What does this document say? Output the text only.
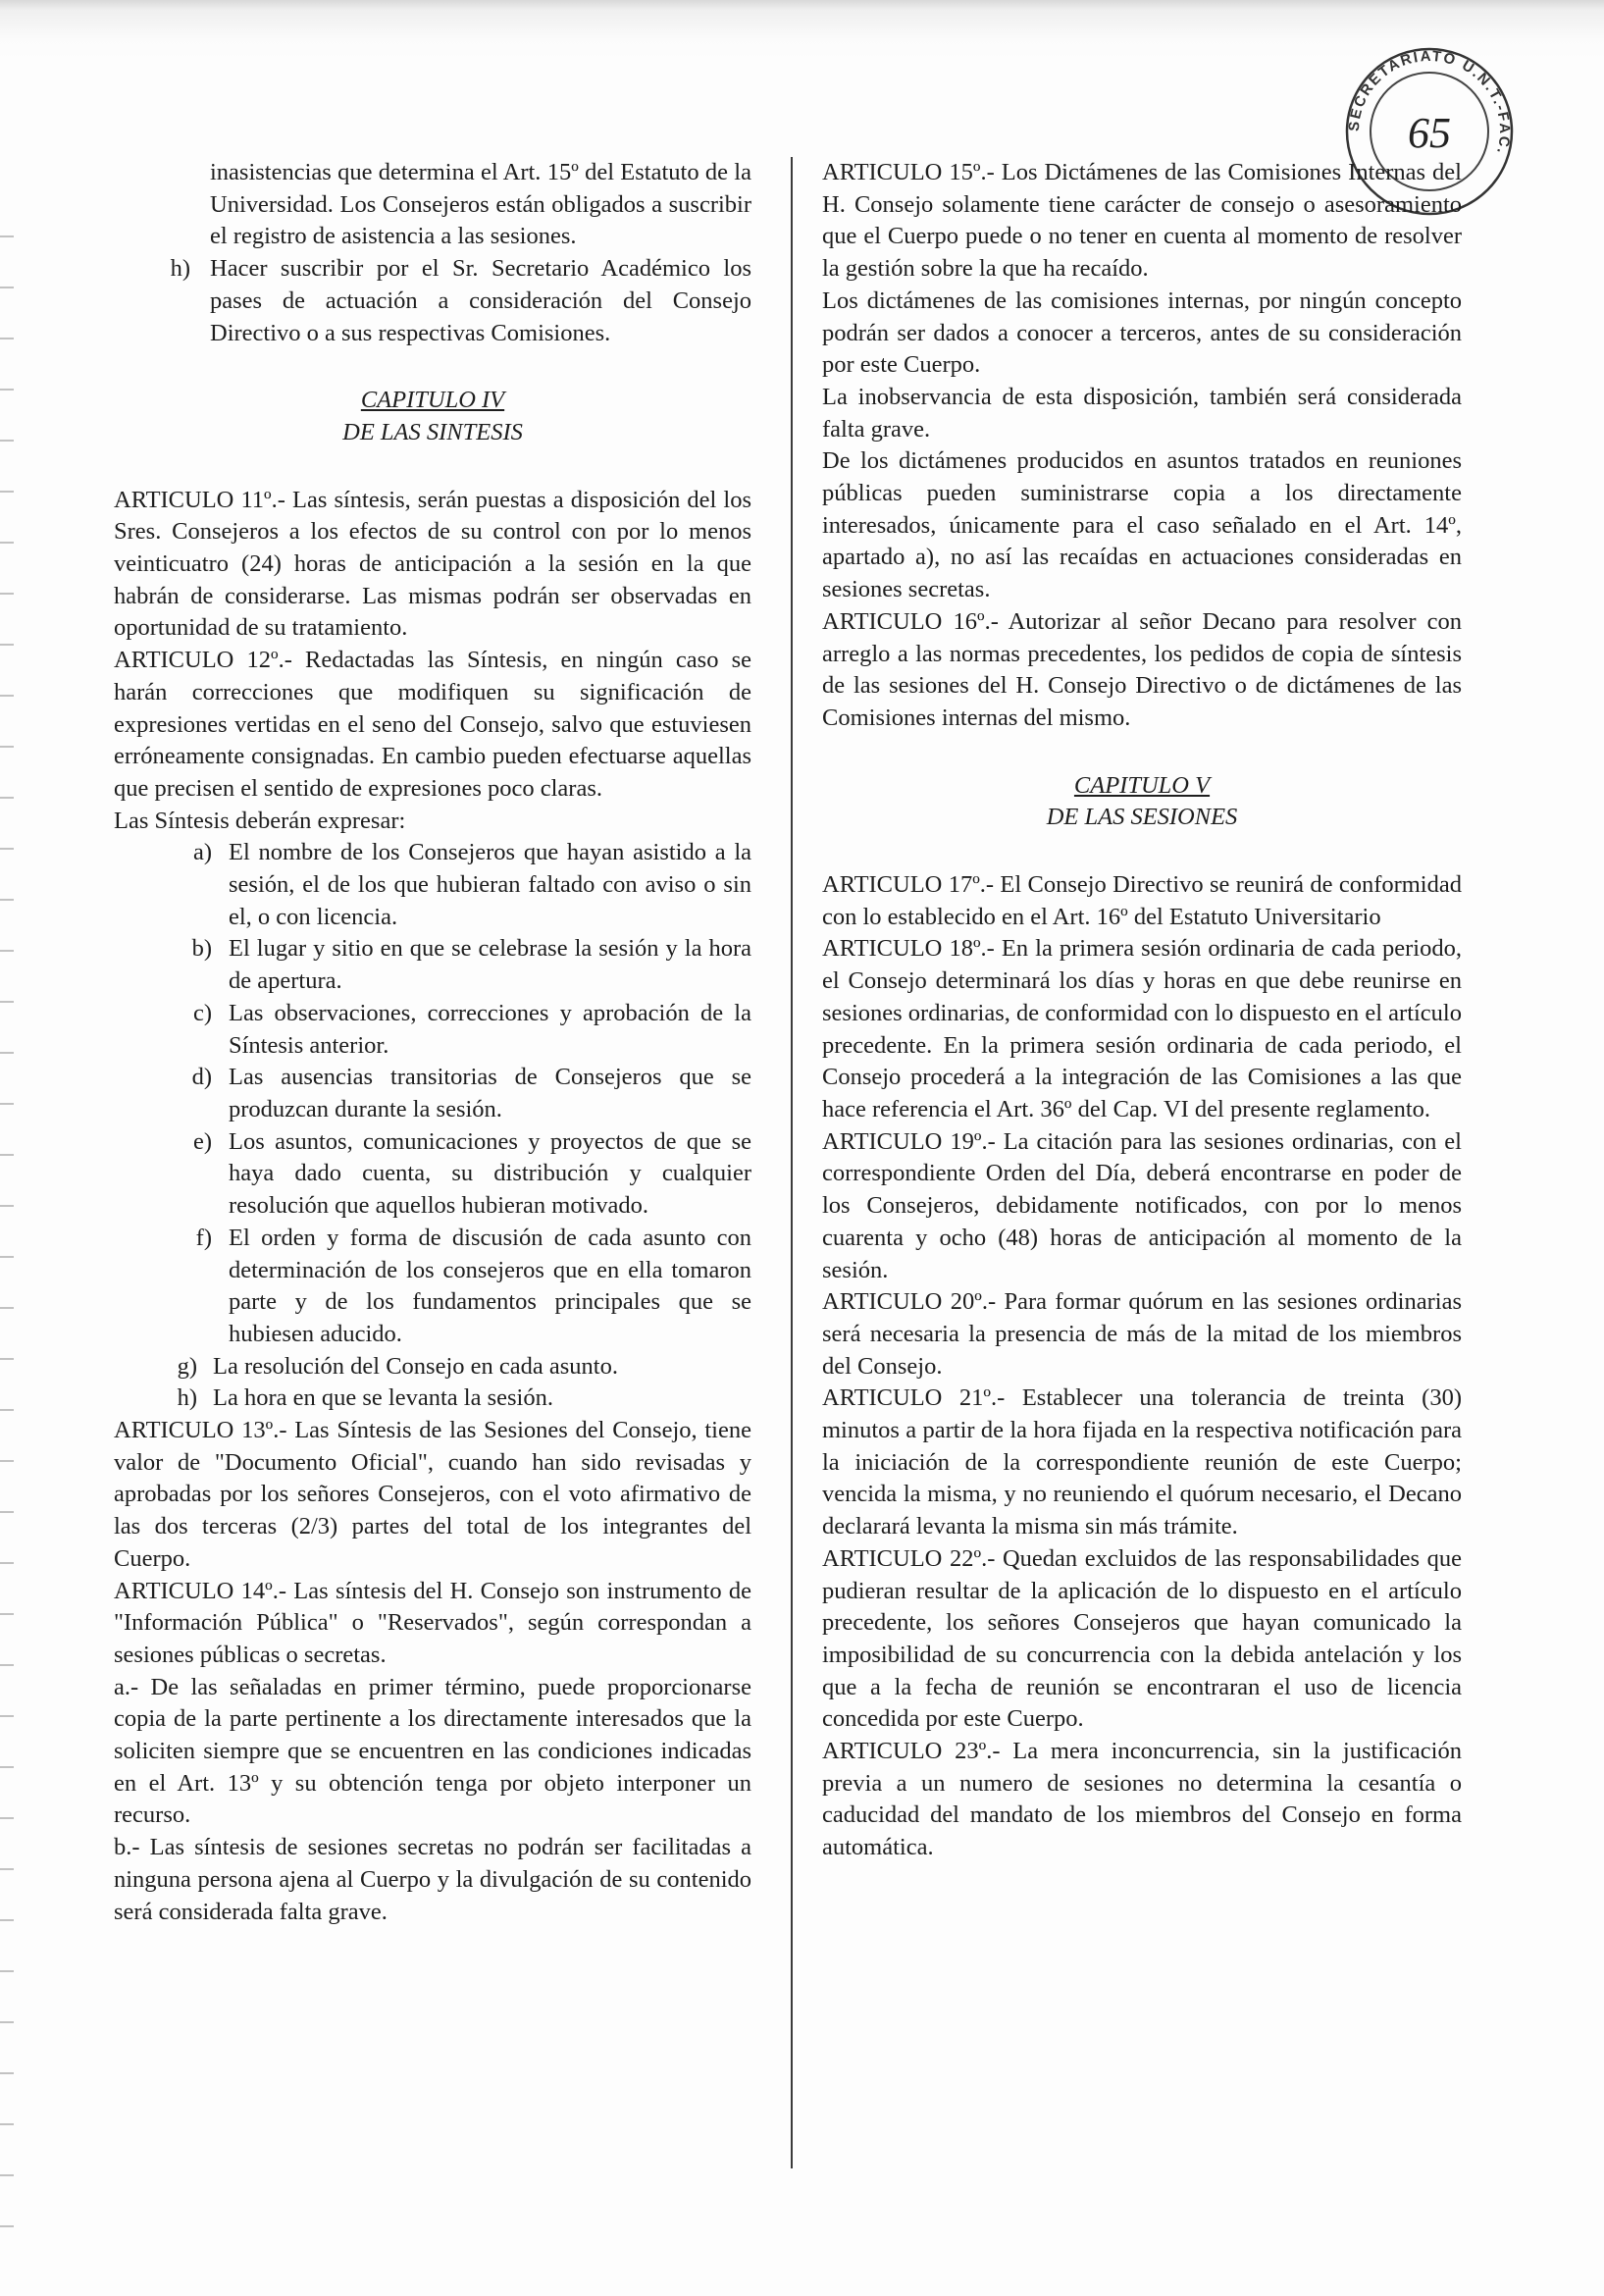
SECRETARIATO U.N.T.-FAC.
65
inasistencias que determina el Art. 15º del Estatuto de la Universidad. Los Consejeros están obligados a suscribir el registro de asistencia a las sesiones.
h) Hacer suscribir por el Sr. Secretario Académico los pases de actuación a consideración del Consejo Directivo o a sus respectivas Comisiones.

CAPITULO IV

DE LAS SINTESIS

ARTICULO 11º.- Las síntesis, serán puestas a disposición del los Sres. Consejeros a los efectos de su control con por lo menos veinticuatro (24) horas de anticipación a la sesión en la que habrán de considerarse. Las mismas podrán ser observadas en oportunidad de su tratamiento.

ARTICULO 12º.- Redactadas las Síntesis, en ningún caso se harán correcciones que modifiquen su significación de expresiones vertidas en el seno del Consejo, salvo que estuviesen erróneamente consignadas. En cambio pueden efectuarse aquellas que precisen el sentido de expresiones poco claras.

Las Síntesis deberán expresar:

a) El nombre de los Consejeros que hayan asistido a la sesión, el de los que hubieran faltado con aviso o sin el, o con licencia.
b) El lugar y sitio en que se celebrase la sesión y la hora de apertura.
c) Las observaciones, correcciones y aprobación de la Síntesis anterior.
d) Las ausencias transitorias de Consejeros que se produzcan durante la sesión.
e) Los asuntos, comunicaciones y proyectos de que se haya dado cuenta, su distribución y cualquier resolución que aquellos hubieran motivado.
f) El orden y forma de discusión de cada asunto con determinación de los consejeros que en ella tomaron parte y de los fundamentos principales que se hubiesen aducido.
g) La resolución del Consejo en cada asunto.
h) La hora en que se levanta la sesión.

ARTICULO 13º.- Las Síntesis de las Sesiones del Consejo, tiene valor de "Documento Oficial", cuando han sido revisadas y aprobadas por los señores Consejeros, con el voto afirmativo de las dos terceras (2/3) partes del total de los integrantes del Cuerpo.

ARTICULO 14º.- Las síntesis del H. Consejo son instrumento de "Información Pública" o "Reservados", según correspondan a sesiones públicas o secretas.

a.- De las señaladas en primer término, puede proporcionarse copia de la parte pertinente a los directamente interesados que la soliciten siempre que se encuentren en las condiciones indicadas en el Art. 13º y su obtención tenga por objeto interponer un recurso.

b.- Las síntesis de sesiones secretas no podrán ser facilitadas a ninguna persona ajena al Cuerpo y la divulgación de su contenido será considerada falta grave.

ARTICULO 15º.- Los Dictámenes de las Comisiones Internas del H. Consejo solamente tiene carácter de consejo o asesoramiento que el Cuerpo puede o no tener en cuenta al momento de resolver la gestión sobre la que ha recaído.

Los dictámenes de las comisiones internas, por ningún concepto podrán ser dados a conocer a terceros, antes de su consideración por este Cuerpo.

La inobservancia de esta disposición, también será considerada falta grave.

De los dictámenes producidos en asuntos tratados en reuniones públicas pueden suministrarse copia a los directamente interesados, únicamente para el caso señalado en el Art. 14º, apartado a), no así las recaídas en actuaciones consideradas en sesiones secretas.

ARTICULO 16º.- Autorizar al señor Decano para resolver con arreglo a las normas precedentes, los pedidos de copia de síntesis de las sesiones del H. Consejo Directivo o de dictámenes de las Comisiones internas del mismo.

CAPITULO V

DE LAS SESIONES

ARTICULO 17º.- El Consejo Directivo se reunirá de conformidad con lo establecido en el Art. 16º del Estatuto Universitario

ARTICULO 18º.- En la primera sesión ordinaria de cada periodo, el Consejo determinará los días y horas en que debe reunirse en sesiones ordinarias, de conformidad con lo dispuesto en el artículo precedente. En la primera sesión ordinaria de cada periodo, el Consejo procederá a la integración de las Comisiones a las que hace referencia el Art. 36º del Cap. VI del presente reglamento.

ARTICULO 19º.- La citación para las sesiones ordinarias, con el correspondiente Orden del Día, deberá encontrarse en poder de los Consejeros, debidamente notificados, con por lo menos cuarenta y ocho (48) horas de anticipación al momento de la sesión.

ARTICULO 20º.- Para formar quórum en las sesiones ordinarias será necesaria la presencia de más de la mitad de los miembros del Consejo.

ARTICULO 21º.- Establecer una tolerancia de treinta (30) minutos a partir de la hora fijada en la respectiva notificación para la iniciación de la correspondiente reunión de este Cuerpo; vencida la misma, y no reuniendo el quórum necesario, el Decano declarará levanta la misma sin más trámite.

ARTICULO 22º.- Quedan excluidos de las responsabilidades que pudieran resultar de la aplicación de lo dispuesto en el artículo precedente, los señores Consejeros que hayan comunicado la imposibilidad de su concurrencia con la debida antelación y los que a la fecha de reunión se encontraran el uso de licencia concedida por este Cuerpo.

ARTICULO 23º.- La mera inconcurrencia, sin la justificación previa a un numero de sesiones no determina la cesantía o caducidad del mandato de los miembros del Consejo en forma automática.
